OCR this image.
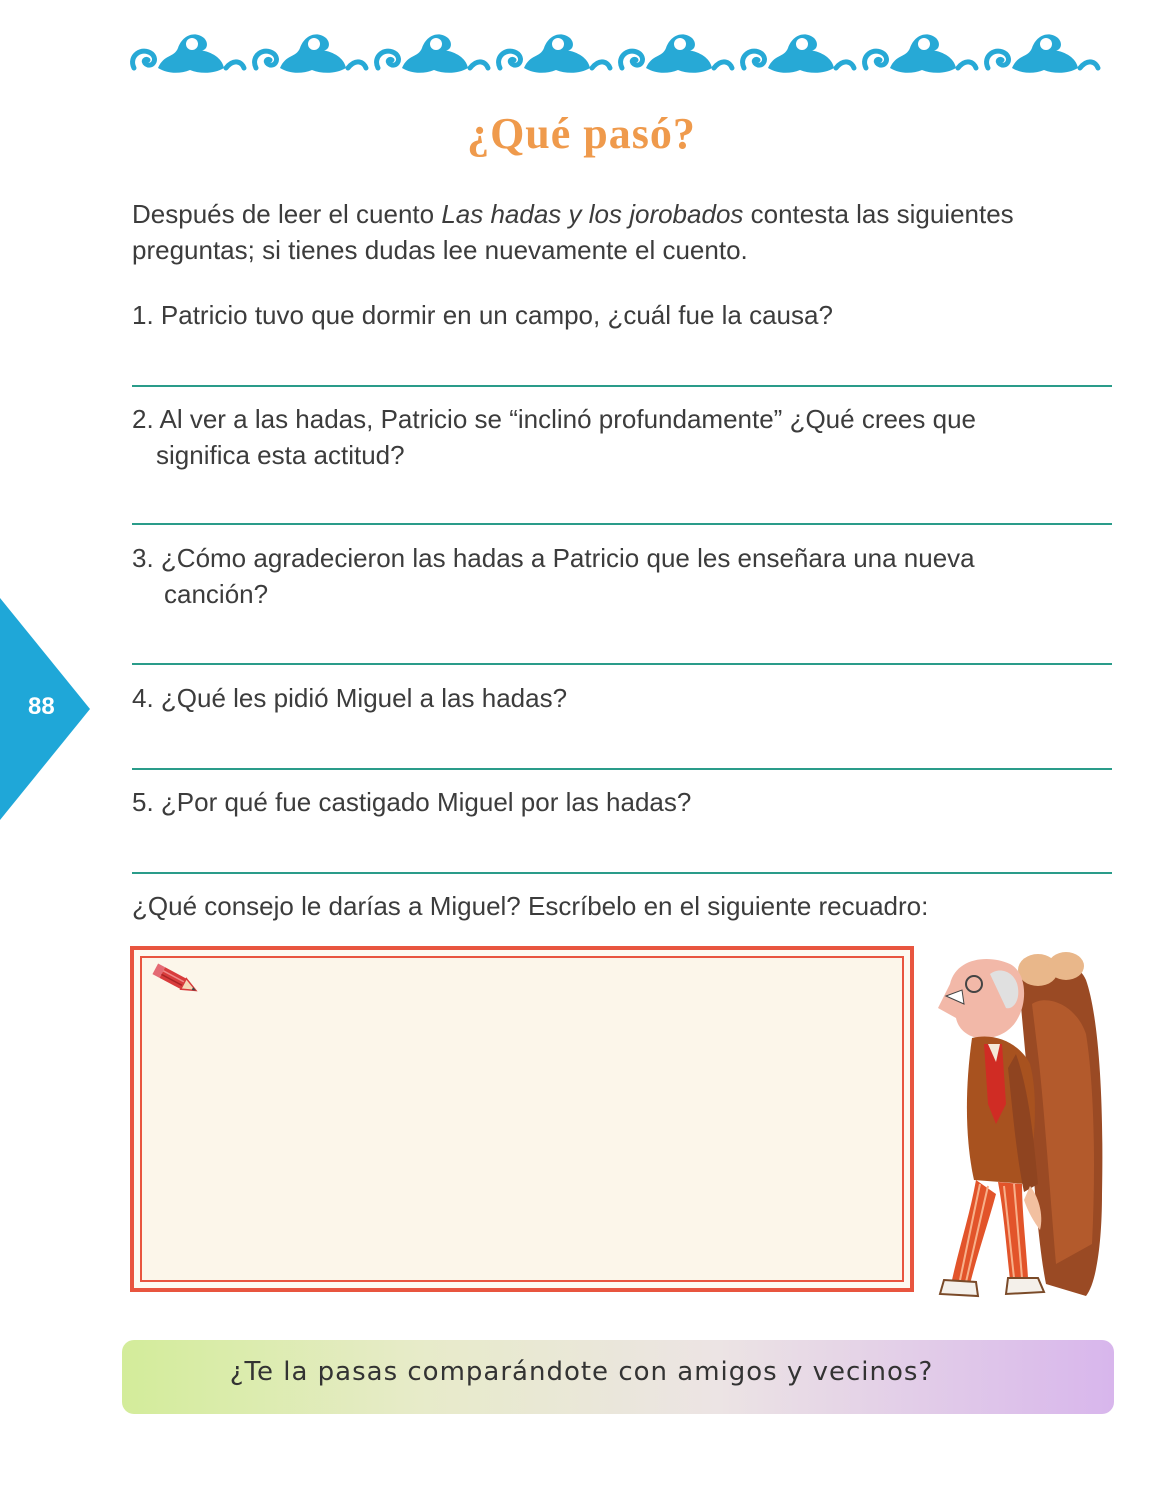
¿Qué pasó?
Después de leer el cuento Las hadas y los jorobados contesta las siguientes preguntas; si tienes dudas lee nuevamente el cuento.
1. Patricio tuvo que dormir en un campo, ¿cuál fue la causa?
2. Al ver a las hadas, Patricio se “inclinó profundamente” ¿Qué crees que
significa esta actitud?
3. ¿Cómo agradecieron las hadas a Patricio que les enseñara una nueva
canción?
4. ¿Qué les pidió Miguel a las hadas?
5. ¿Por qué fue castigado Miguel por las hadas?
¿Qué consejo le darías a Miguel? Escríbelo en el siguiente recuadro:
88
¿Te la pasas comparándote con amigos y vecinos?
